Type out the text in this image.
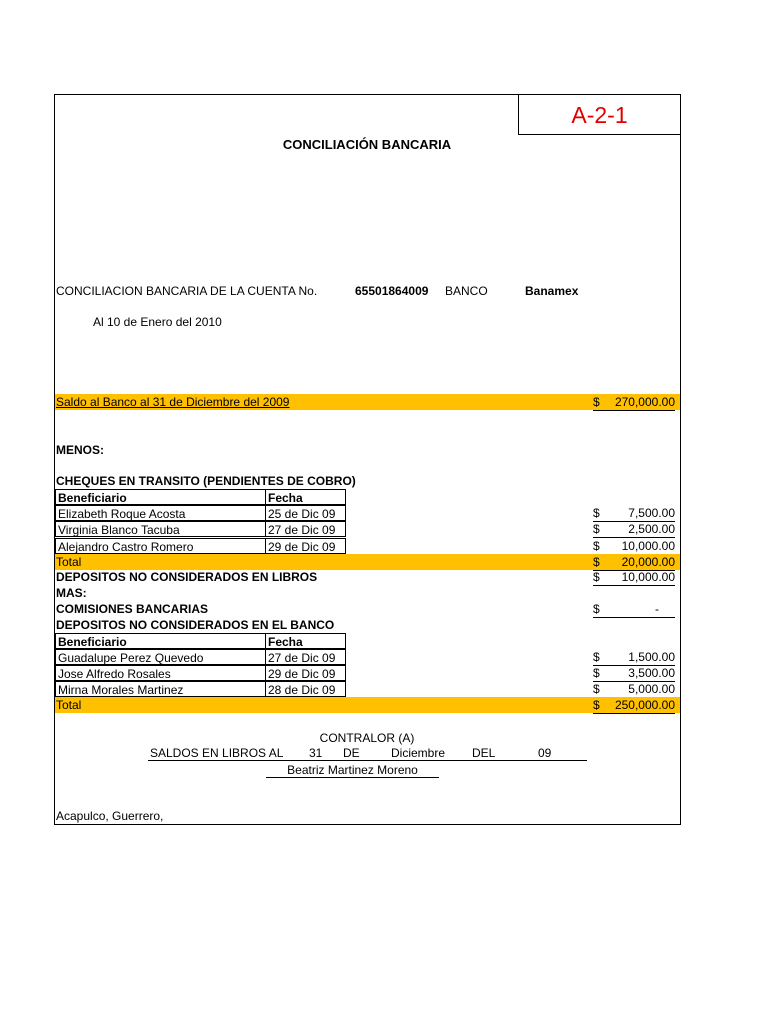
A-2-1
CONCILIACIÓN BANCARIA
CONCILIACION BANCARIA DE LA CUENTA No.	65501864009 BANCO	Banamex
Al 10 de Enero del 2010
Saldo al Banco al 31 de Diciembre del 2009	$ 270,000.00
MENOS:
CHEQUES EN TRANSITO (PENDIENTES DE COBRO)
Beneficiario	Fecha
Elizabeth Roque Acosta	25 de Dic 09	$ 7,500.00
Virginia Blanco Tacuba	27 de Dic 09	$ 2,500.00
Alejandro Castro Romero	29 de Dic 09	$ 10,000.00
Total	$ 20,000.00
DEPOSITOS NO CONSIDERADOS EN LIBROS	$ 10,000.00
MAS:
COMISIONES BANCARIAS	$	-
DEPOSITOS NO CONSIDERADOS EN EL BANCO
Beneficiario	Fecha
Guadalupe Perez Quevedo	27 de Dic 09	$ 1,500.00
Jose Alfredo Rosales	29 de Dic 09	$ 3,500.00
Mirna Morales Martinez	28 de Dic 09	$ 5,000.00
Total	$ 250,000.00
CONTRALOR (A)
SALDOS EN LIBROS AL 31 DE	Diciembre DEL	09
Beatriz Martinez Moreno
Acapulco, Guerrero,
